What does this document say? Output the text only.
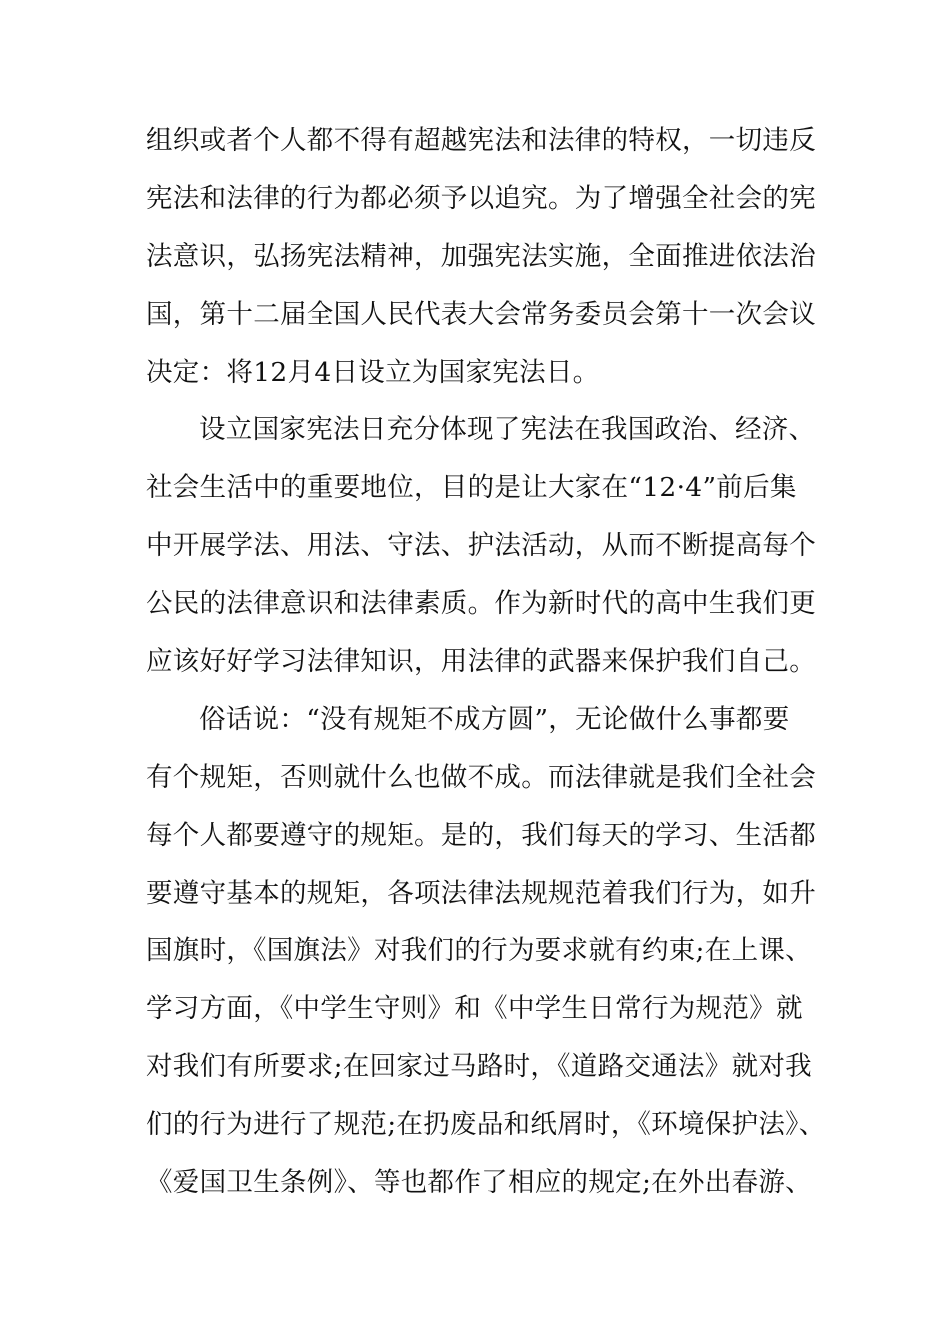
组织或者个人都不得有超越宪法和法律的特权，一切违反
宪法和法律的行为都必须予以追究。为了增强全社会的宪
法意识，弘扬宪法精神，加强宪法实施，全面推进依法治
国，第十二届全国人民代表大会常务委员会第十一次会议
决定：将12月4日设立为国家宪法日。
设立国家宪法日充分体现了宪法在我国政治、经济、
社会生活中的重要地位，目的是让大家在“12·4”前后集
中开展学法、用法、守法、护法活动，从而不断提高每个
公民的法律意识和法律素质。作为新时代的高中生我们更
应该好好学习法律知识，用法律的武器来保护我们自己。
俗话说：“没有规矩不成方圆”，无论做什么事都要
有个规矩，否则就什么也做不成。而法律就是我们全社会
每个人都要遵守的规矩。是的，我们每天的学习、生活都
要遵守基本的规矩，各项法律法规规范着我们行为，如升
国旗时，《国旗法》对我们的行为要求就有约束;在上课、
学习方面，《中学生守则》和《中学生日常行为规范》就
对我们有所要求;在回家过马路时，《道路交通法》就对我
们的行为进行了规范;在扔废品和纸屑时，《环境保护法》、
《爱国卫生条例》、等也都作了相应的规定;在外出春游、
